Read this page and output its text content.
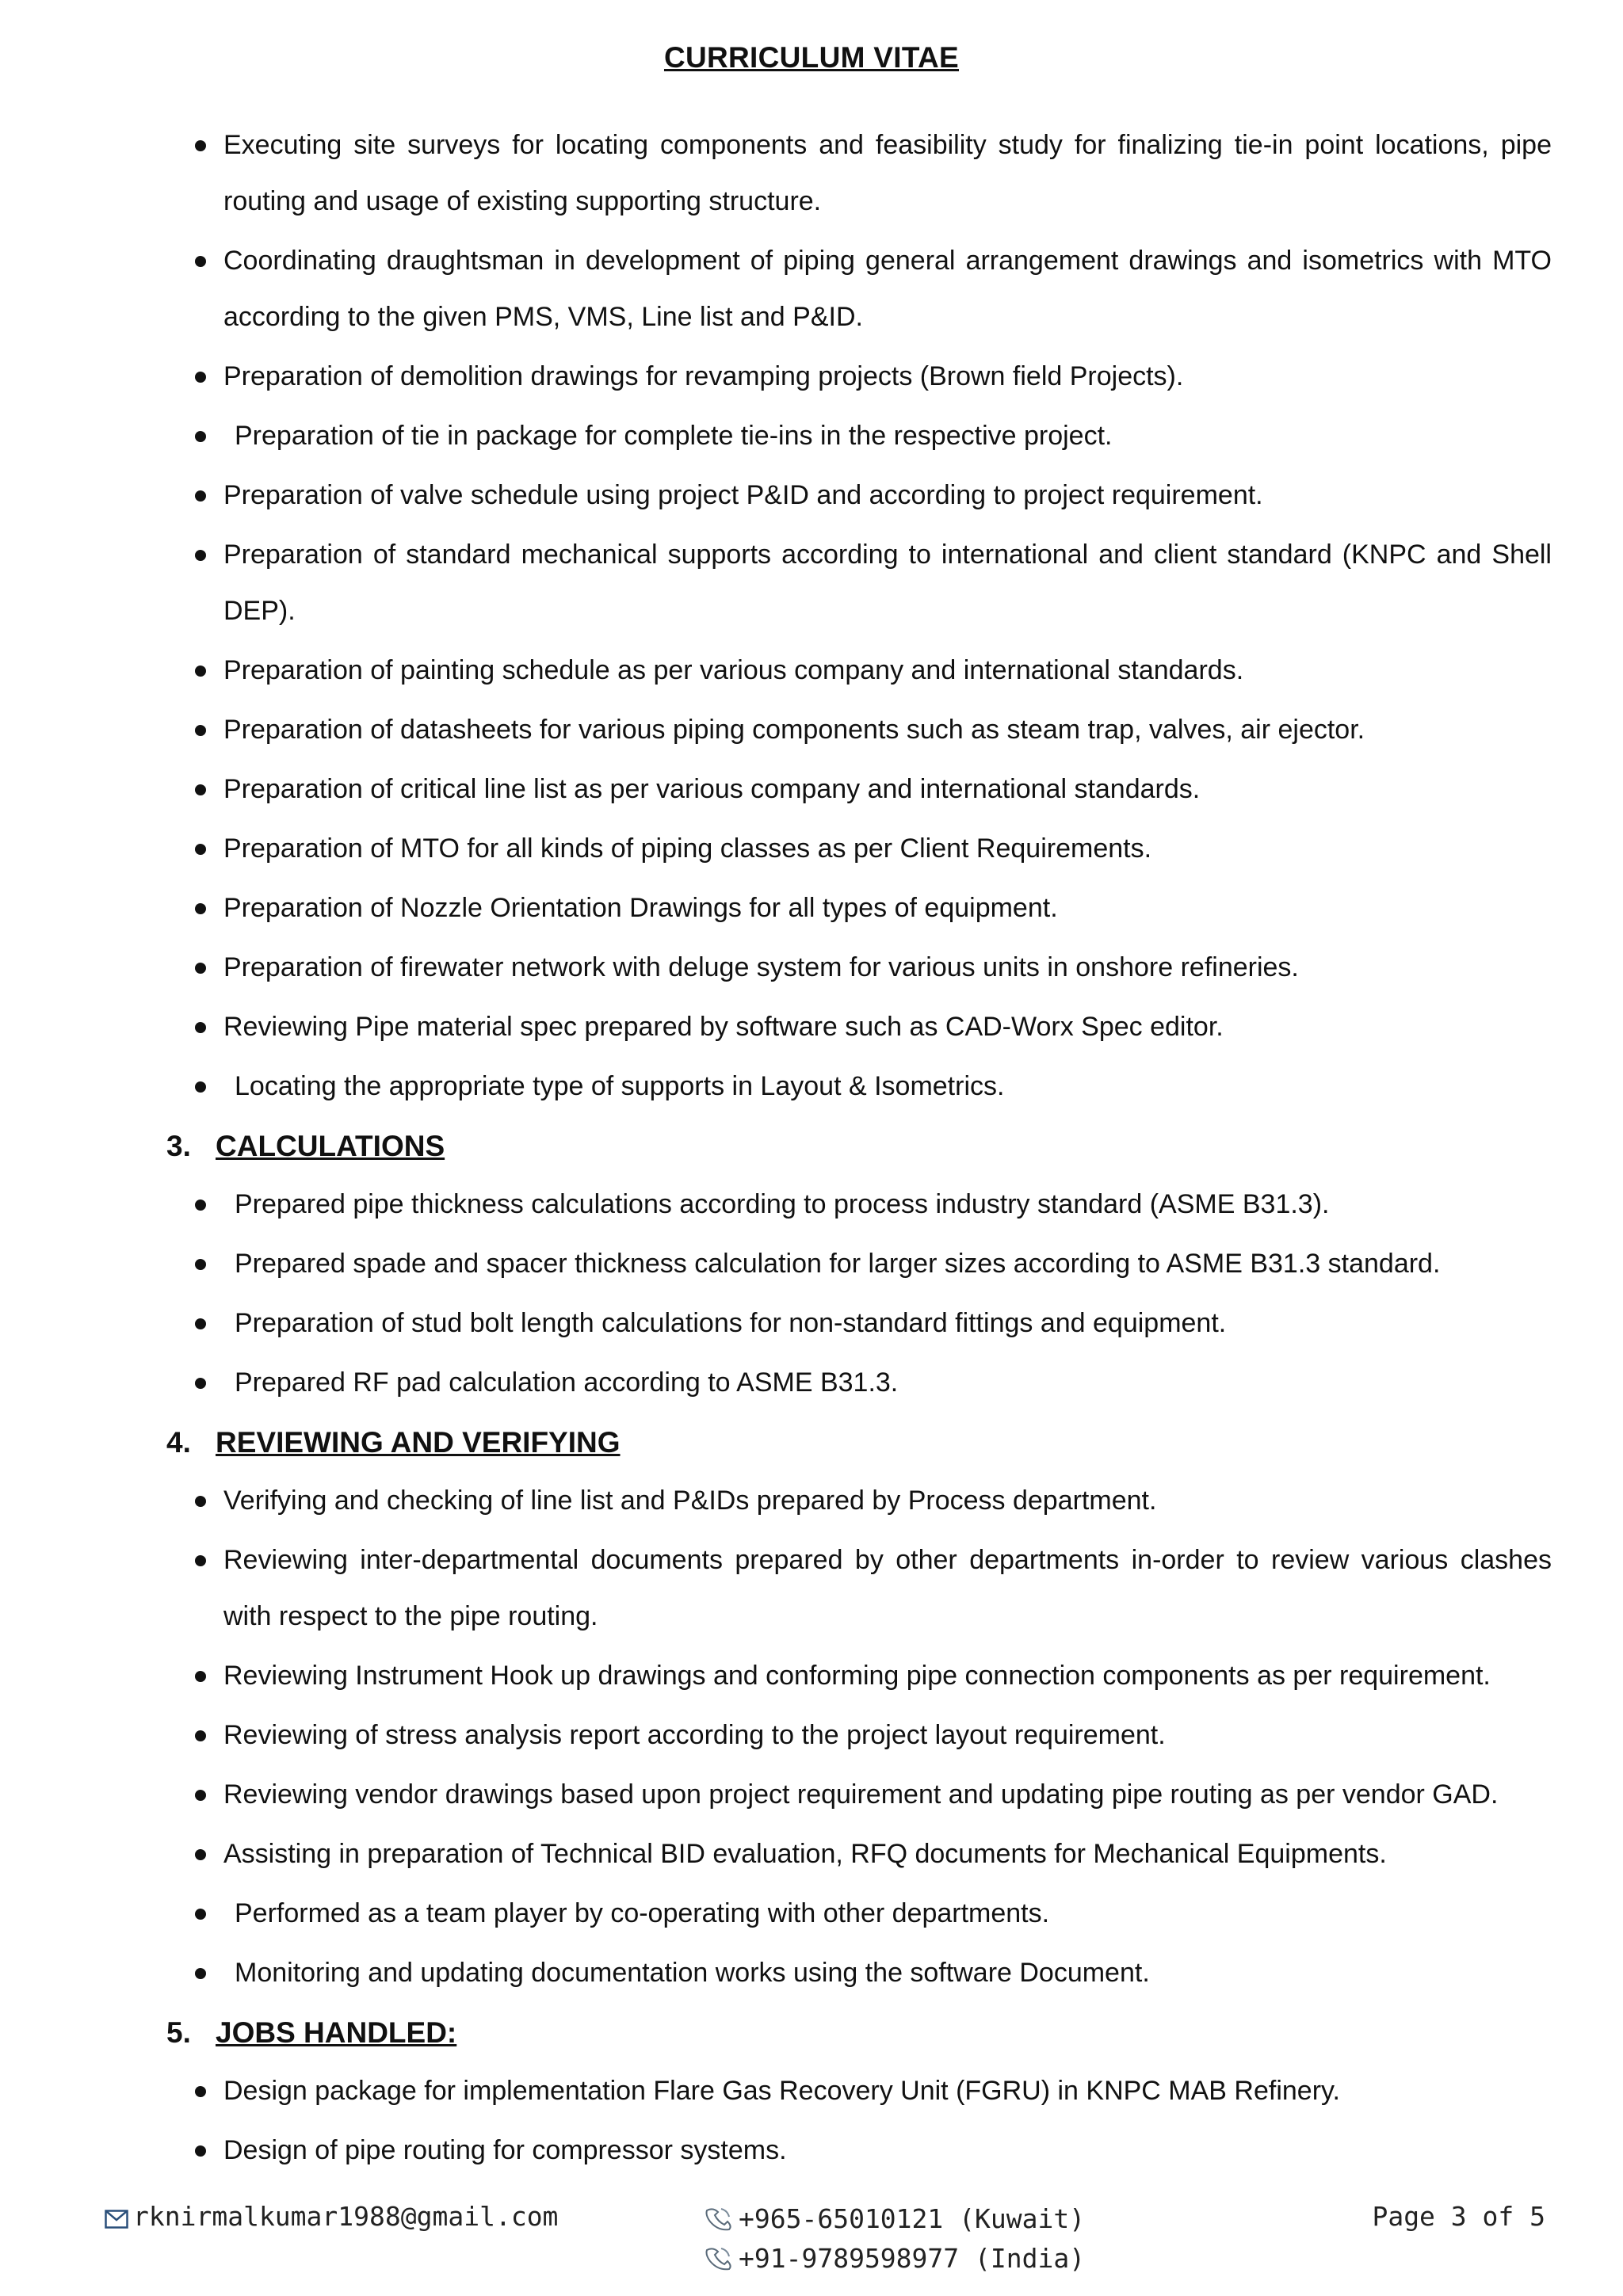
CURRICULUM VITAE
Executing site surveys for locating components and feasibility study for finalizing tie-in point locations, pipe routing and usage of existing supporting structure.
Coordinating draughtsman in development of piping general arrangement drawings and isometrics with MTO according to the given PMS, VMS, Line list and P&ID.
Preparation of demolition drawings for revamping projects (Brown field Projects).
Preparation of tie in package for complete tie-ins in the respective project.
Preparation of valve schedule using project P&ID and according to project requirement.
Preparation of standard mechanical supports according to international and client standard (KNPC and Shell DEP).
Preparation of painting schedule as per various company and international standards.
Preparation of datasheets for various piping components such as steam trap, valves, air ejector.
Preparation of critical line list as per various company and international standards.
Preparation of MTO for all kinds of piping classes as per Client Requirements.
Preparation of Nozzle Orientation Drawings for all types of equipment.
Preparation of firewater network with deluge system for various units in onshore refineries.
Reviewing Pipe material spec prepared by software such as CAD-Worx Spec editor.
Locating the appropriate type of supports in Layout & Isometrics.
3. CALCULATIONS
Prepared pipe thickness calculations according to process industry standard (ASME B31.3).
Prepared spade and spacer thickness calculation for larger sizes according to ASME B31.3 standard.
Preparation of stud bolt length calculations for non-standard fittings and equipment.
Prepared RF pad calculation according to ASME B31.3.
4. REVIEWING AND VERIFYING
Verifying and checking of line list and P&IDs prepared by Process department.
Reviewing inter-departmental documents prepared by other departments in-order to review various clashes with respect to the pipe routing.
Reviewing Instrument Hook up drawings and conforming pipe connection components as per requirement.
Reviewing of stress analysis report according to the project layout requirement.
Reviewing vendor drawings based upon project requirement and updating pipe routing as per vendor GAD.
Assisting in preparation of Technical BID evaluation, RFQ documents for Mechanical Equipments.
Performed as a team player by co-operating with other departments.
Monitoring and updating documentation works using the software Document.
5. JOBS HANDLED:
Design package for implementation Flare Gas Recovery Unit (FGRU) in KNPC MAB Refinery.
Design of pipe routing for compressor systems.
rknirmalkumar1988@gmail.com	+965-65010121 (Kuwait)
+91-9789598977 (India)
Page 3 of 5
